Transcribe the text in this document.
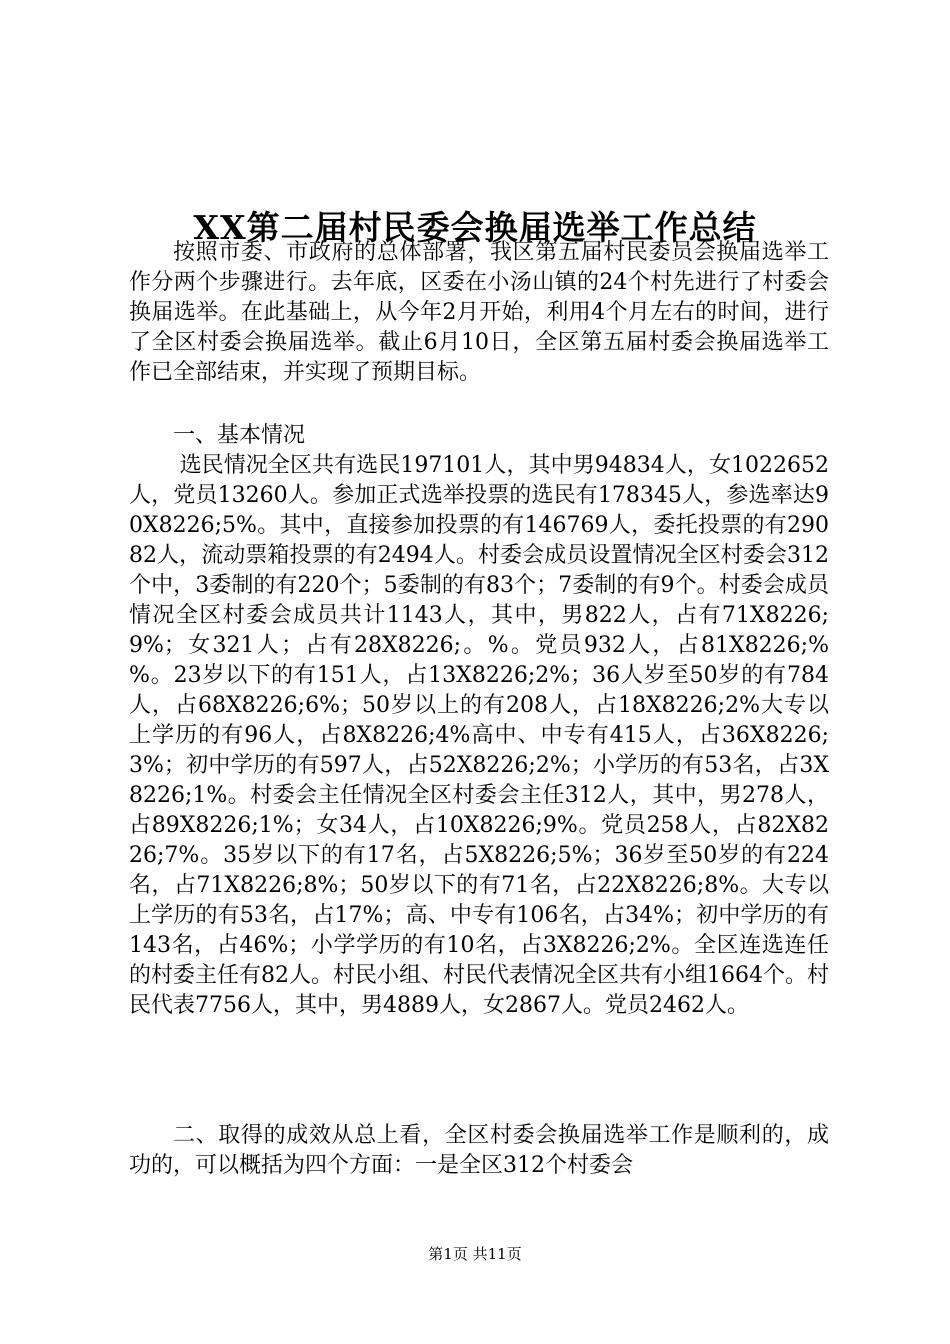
XX第二届村民委会换届选举工作总结

按照市委、市政府的总体部署，我区第五届村民委员会换届选举工作分两个步骤进行。去年底，区委在小汤山镇的24个村先进行了村委会换届选举。在此基础上，从今年2月开始，利用4个月左右的时间，进行了全区村委会换届选举。截止6月10日，全区第五届村委会换届选举工作已全部结束，并实现了预期目标。

一、基本情况

选民情况全区共有选民197101人，其中男94834人，女1022652人，党员13260人。参加正式选举投票的选民有178345人，参选率达90X8226;5%。其中，直接参加投票的有146769人，委托投票的有29082人，流动票箱投票的有2494人。村委会成员设置情况全区村委会312个中，3委制的有220个；5委制的有83个；7委制的有9个。村委会成员情况全区村委会成员共计1143人，其中，男822人，占有71X8226;9%；女321人；占有28X8226;。%。党员932人，占81X8226;%%。23岁以下的有151人，占13X8226;2%；36人岁至50岁的有784人，占68X8226;6%；50岁以上的有208人，占18X8226;2%大专以上学历的有96人，占8X8226;4%高中、中专有415人，占36X8226;3%；初中学历的有597人，占52X8226;2%；小学历的有53名，占3X8226;1%。村委会主任情况全区村委会主任312人，其中，男278人，占89X8226;1%；女34人，占10X8226;9%。党员258人，占82X8226;7%。35岁以下的有17名，占5X8226;5%；36岁至50岁的有224名，占71X8226;8%；50岁以下的有71名，占22X8226;8%。大专以上学历的有53名，占17%；高、中专有106名，占34%；初中学历的有143名，占46%；小学学历的有10名，占3X8226;2%。全区连选连任的村委主任有82人。村民小组、村民代表情况全区共有小组1664个。村民代表7756人，其中，男4889人，女2867人。党员2462人。

二、取得的成效从总上看，全区村委会换届选举工作是顺利的，成功的，可以概括为四个方面：一是全区312个村委会

第1页 共11页
